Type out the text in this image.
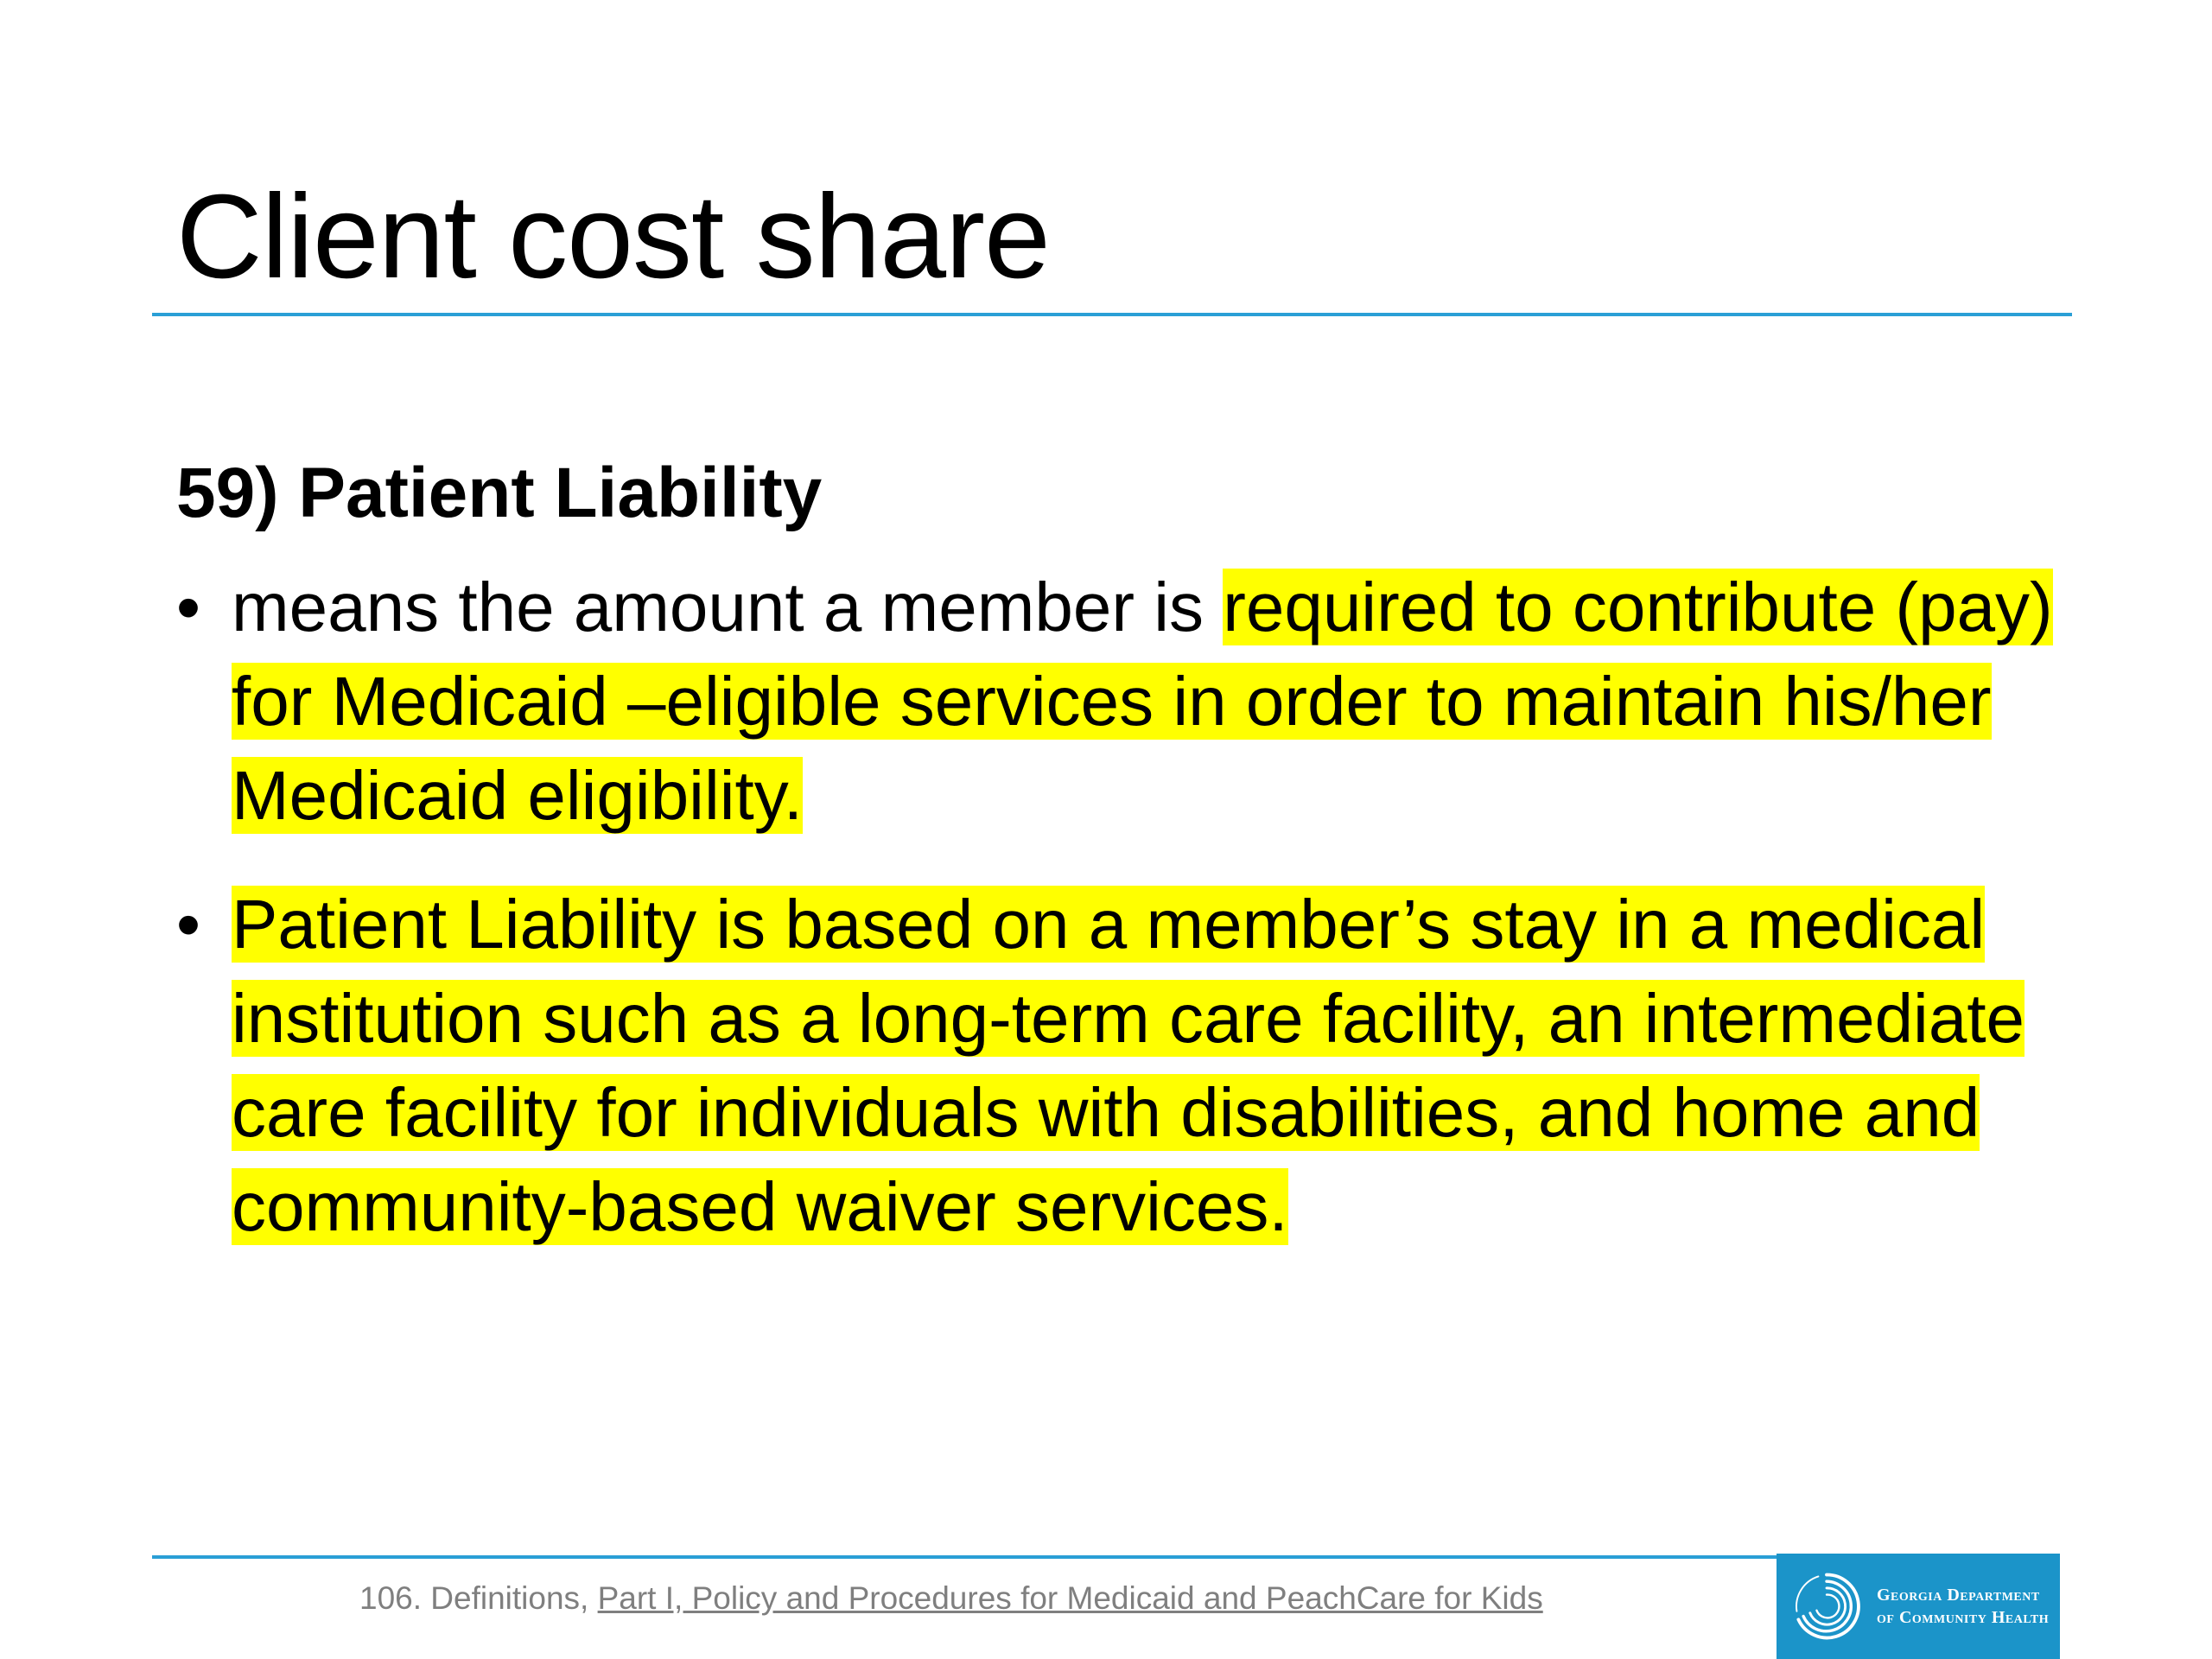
Client cost share
59) Patient Liability
• means the amount a member is required to contribute (pay) for Medicaid –eligible services in order to maintain his/her Medicaid eligibility.
• Patient Liability is based on a member’s stay in a medical institution such as a long-term care facility, an intermediate care facility for individuals with disabilities, and home and community-based waiver services.
106. Definitions, Part I, Policy and Procedures for Medicaid and PeachCare for Kids	Georgia Department
of Community Health
